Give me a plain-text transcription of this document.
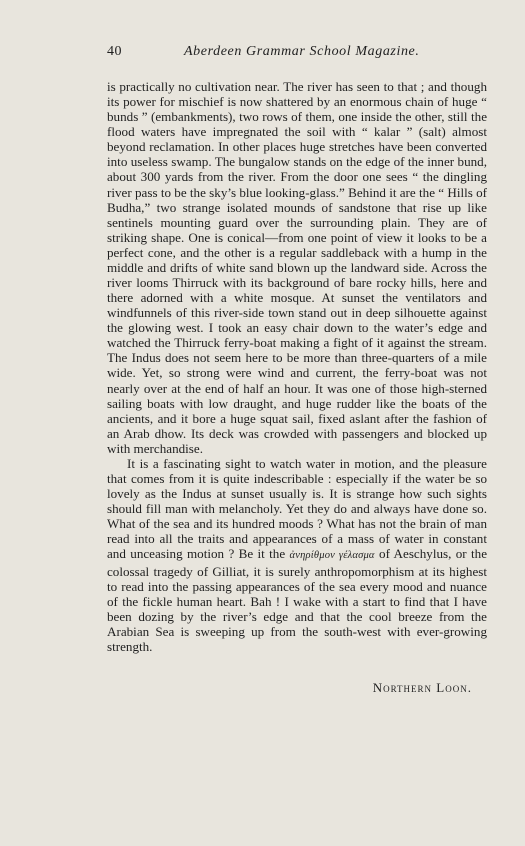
40	Aberdeen Grammar School Magazine.

is practically no cultivation near. The river has seen to that ; and though its power for mischief is now shattered by an enormous chain of huge “ bunds ” (embankments), two rows of them, one inside the other, still the flood waters have impregnated the soil with “ kalar ” (salt) almost beyond reclamation. In other places huge stretches have been converted into useless swamp. The bungalow stands on the edge of the inner bund, about 300 yards from the river. From the door one sees “ the dingling river pass to be the sky’s blue looking-glass.” Behind it are the “ Hills of Budha,” two strange isolated mounds of sandstone that rise up like sentinels mounting guard over the surrounding plain. They are of striking shape. One is conical—from one point of view it looks to be a perfect cone, and the other is a regular saddleback with a hump in the middle and drifts of white sand blown up the landward side. Across the river looms Thirruck with its background of bare rocky hills, here and there adorned with a white mosque. At sunset the ventilators and windfunnels of this river-side town stand out in deep silhouette against the glowing west. I took an easy chair down to the water’s edge and watched the Thirruck ferry-boat making a fight of it against the stream. The Indus does not seem here to be more than three-quarters of a mile wide. Yet, so strong were wind and current, the ferry-boat was not nearly over at the end of half an hour. It was one of those high-sterned sailing boats with low draught, and huge rudder like the boats of the ancients, and it bore a huge squat sail, fixed aslant after the fashion of an Arab dhow. Its deck was crowded with passengers and blocked up with merchandise.

It is a fascinating sight to watch water in motion, and the pleasure that comes from it is quite indescribable : especially if the water be so lovely as the Indus at sunset usually is. It is strange how such sights should fill man with melancholy. Yet they do and always have done so. What of the sea and its hundred moods ? What has not the brain of man read into all the traits and appearances of a mass of water in constant and unceasing motion ? Be it the ἀνηρίθμον γέλασμα of Aeschylus, or the colossal tragedy of Gilliat, it is surely anthropomorphism at its highest to read into the passing appearances of the sea every mood and nuance of the fickle human heart. Bah ! I wake with a start to find that I have been dozing by the river’s edge and that the cool breeze from the Arabian Sea is sweeping up from the south-west with ever-growing strength.

Northern Loon.
